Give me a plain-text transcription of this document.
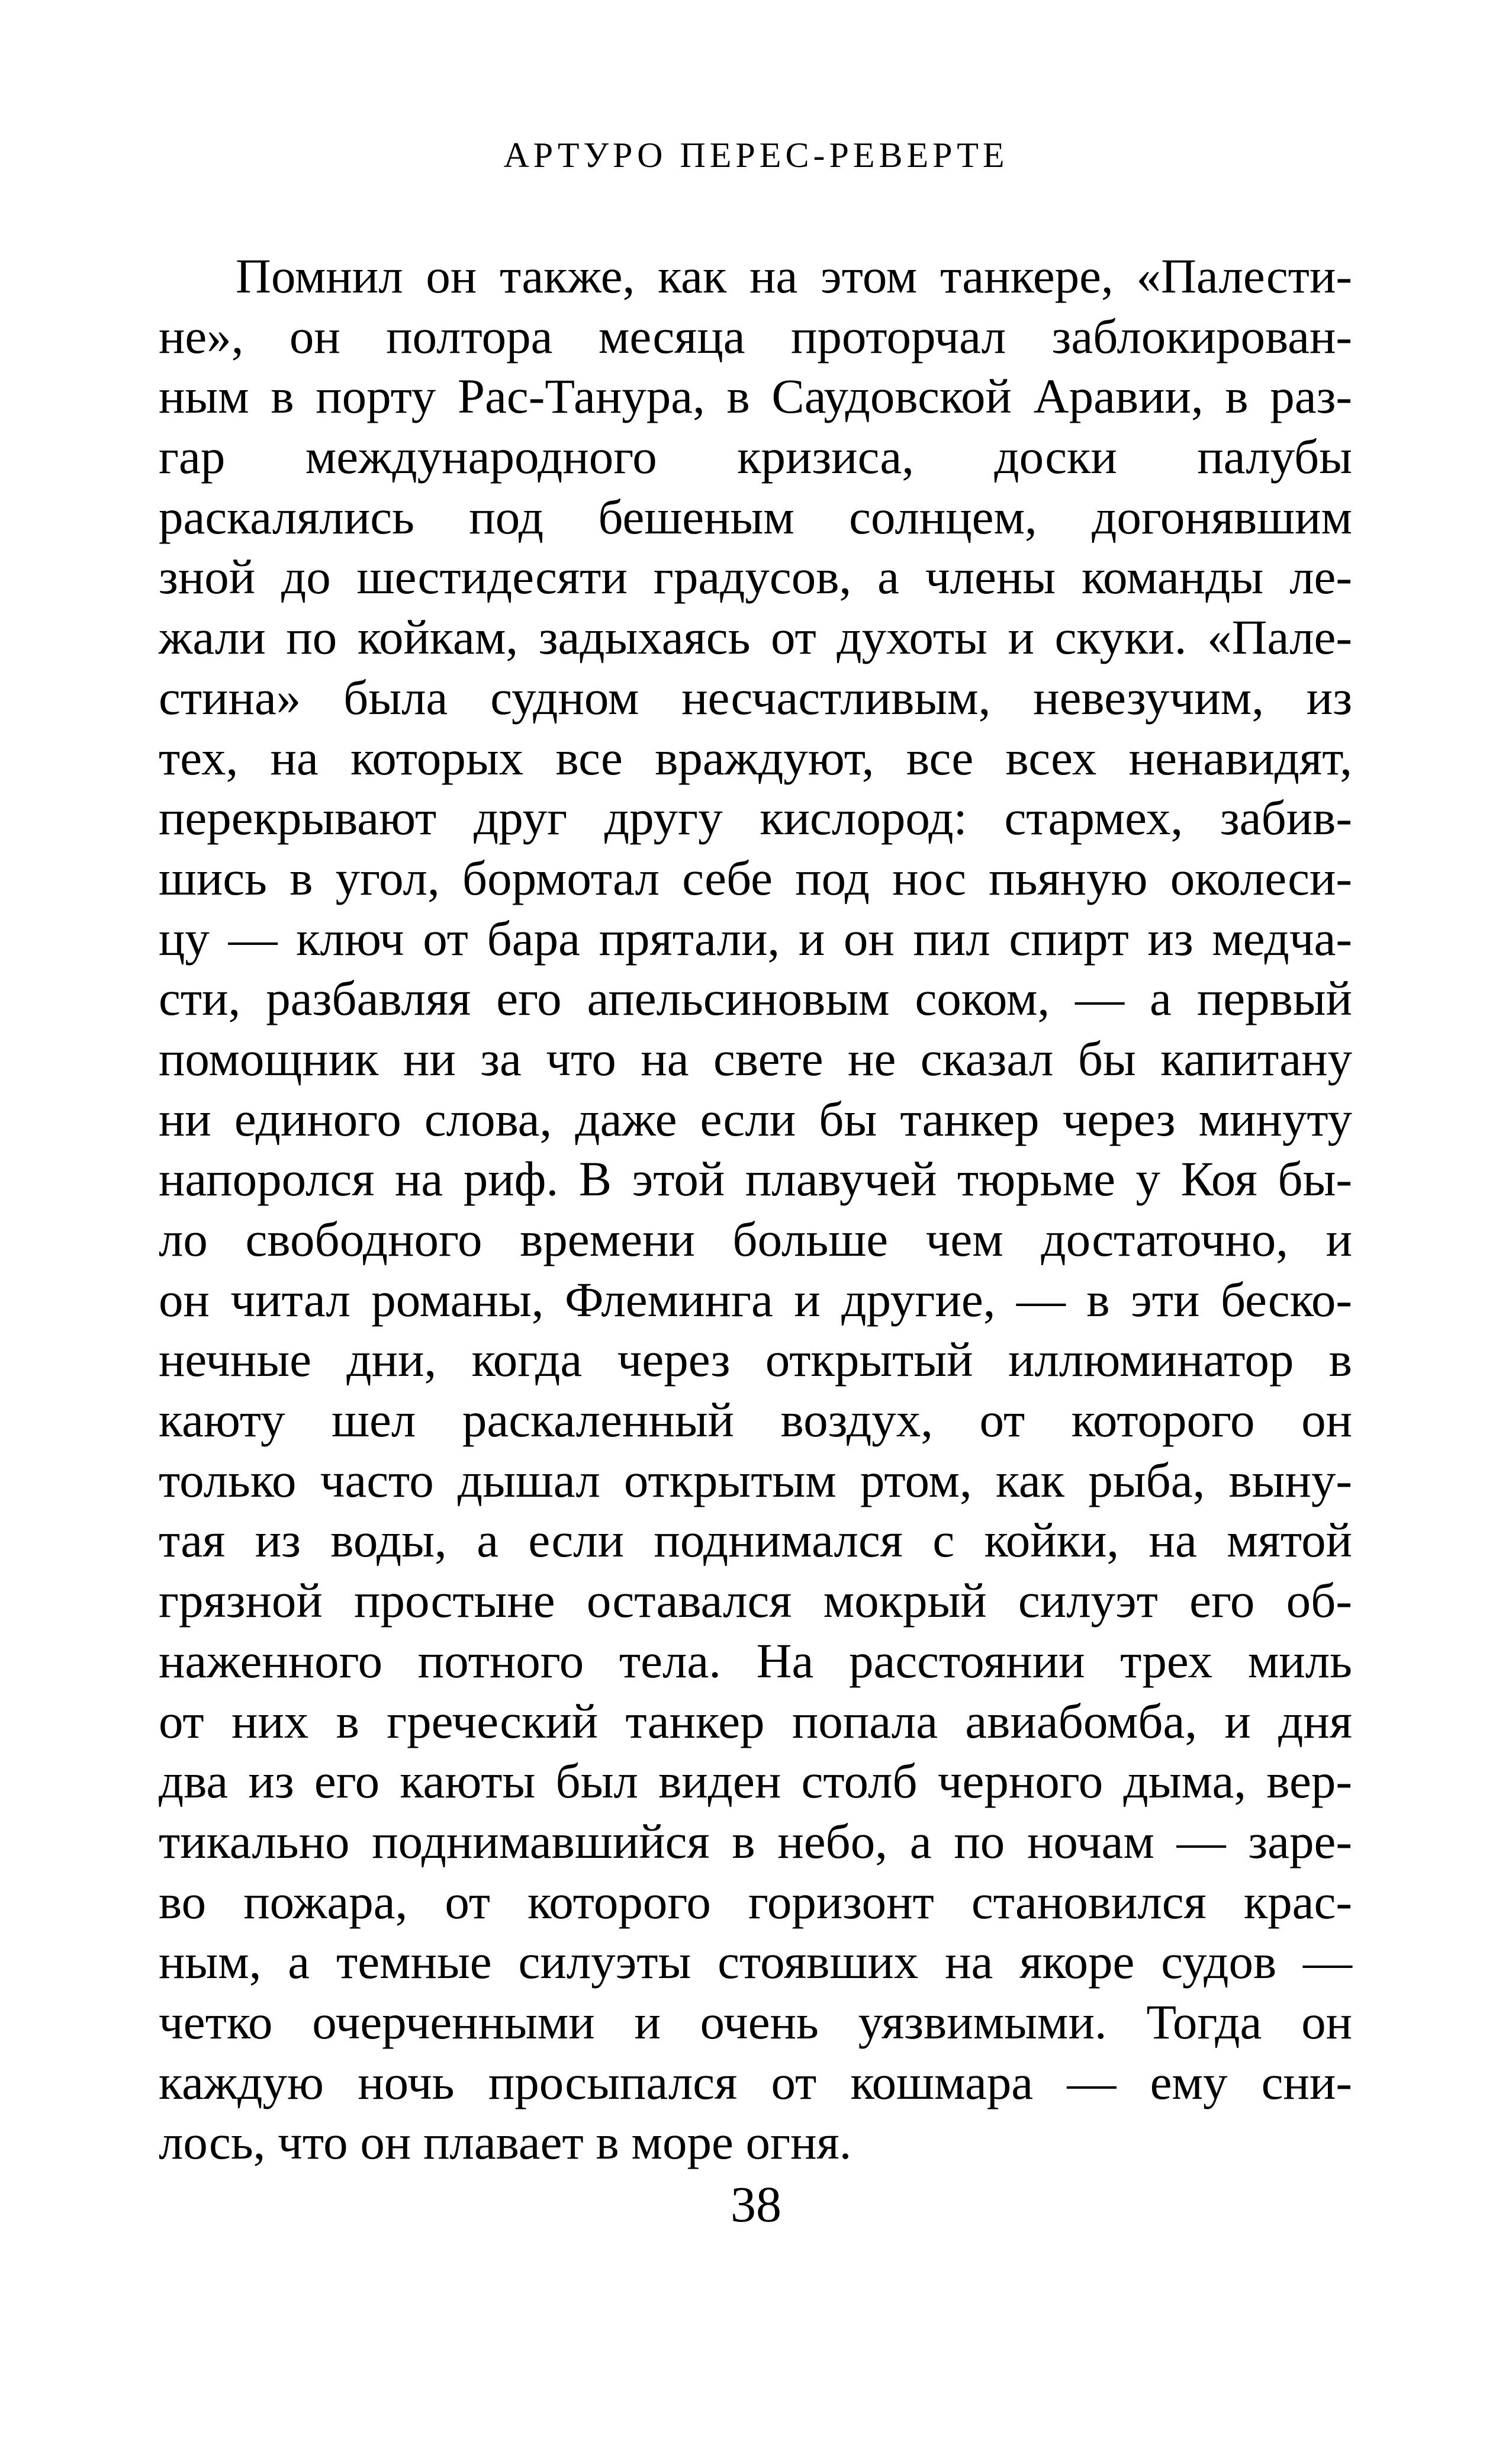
АРТУРО ПЕРЕС-РЕВЕРТЕ
Помнил он также, как на этом танкере, «Палести-
не», он полтора месяца проторчал заблокирован-
ным в порту Рас-Танура, в Саудовской Аравии, в раз-
гар международного кризиса, доски палубы
раскалялись под бешеным солнцем, догонявшим
зной до шестидесяти градусов, а члены команды ле-
жали по койкам, задыхаясь от духоты и скуки. «Пале-
стина» была судном несчастливым, невезучим, из
тех, на которых все враждуют, все всех ненавидят,
перекрывают друг другу кислород: стармех, забив-
шись в угол, бормотал себе под нос пьяную околеси-
цу — ключ от бара прятали, и он пил спирт из медча-
сти, разбавляя его апельсиновым соком, — а первый
помощник ни за что на свете не сказал бы капитану
ни единого слова, даже если бы танкер через минуту
напоролся на риф. В этой плавучей тюрьме у Коя бы-
ло свободного времени больше чем достаточно, и
он читал романы, Флеминга и другие, — в эти беско-
нечные дни, когда через открытый иллюминатор в
каюту шел раскаленный воздух, от которого он
только часто дышал открытым ртом, как рыба, выну-
тая из воды, а если поднимался с койки, на мятой
грязной простыне оставался мокрый силуэт его об-
наженного потного тела. На расстоянии трех миль
от них в греческий танкер попала авиабомба, и дня
два из его каюты был виден столб черного дыма, вер-
тикально поднимавшийся в небо, а по ночам — заре-
во пожара, от которого горизонт становился крас-
ным, а темные силуэты стоявших на якоре судов —
четко очерченными и очень уязвимыми. Тогда он
каждую ночь просыпался от кошмара — ему сни-
лось, что он плавает в море огня.
38
